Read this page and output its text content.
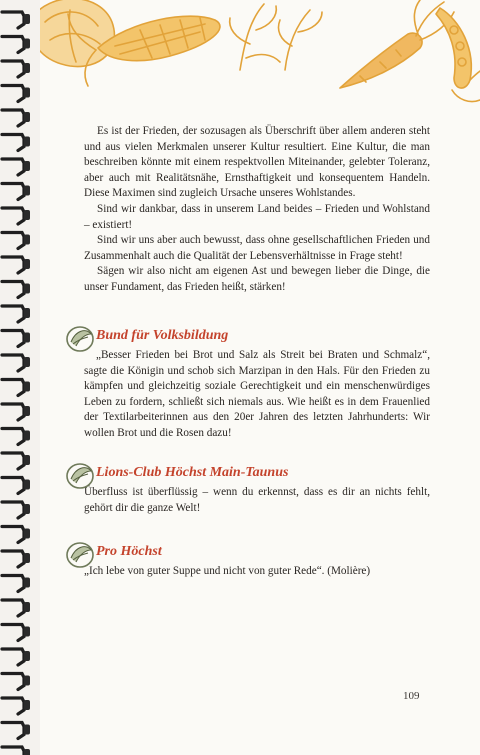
Es ist der Frieden, der sozusagen als Überschrift über allem anderen steht und aus vielen Merkmalen unserer Kultur resultiert. Eine Kultur, die man beschreiben könnte mit einem respektvollen Miteinander, gelebter Toleranz, aber auch mit Realitätsnähe, Ernsthaftigkeit und konsequentem Handeln. Diese Maximen sind zugleich Ursache unseres Wohlstandes.

Sind wir dankbar, dass in unserem Land beides – Frieden und Wohlstand – existiert!

Sind wir uns aber auch bewusst, dass ohne gesellschaftlichen Frieden und Zusammenhalt auch die Qualität der Lebensverhältnisse in Frage steht!

Sägen wir also nicht am eigenen Ast und bewegen lieber die Dinge, die unser Fundament, das Frieden heißt, stärken!

Bund für Volksbildung
„Besser Frieden bei Brot und Salz als Streit bei Braten und Schmalz“, sagte die Königin und schob sich Marzipan in den Hals. Für den Frieden zu kämpfen und gleichzeitig soziale Gerechtigkeit und ein menschenwürdiges Leben zu fordern, schließt sich niemals aus. Wie heißt es in dem Frauenlied der Textilarbeiterinnen aus den 20er Jahren des letzten Jahrhunderts: Wir wollen Brot und die Rosen dazu!
Lions-Club Höchst Main-Taunus
Überfluss ist überflüssig – wenn du erkennst, dass es dir an nichts fehlt, gehört dir die ganze Welt!
Pro Höchst
„Ich lebe von guter Suppe und nicht von guter Rede“. (Molière)
109
